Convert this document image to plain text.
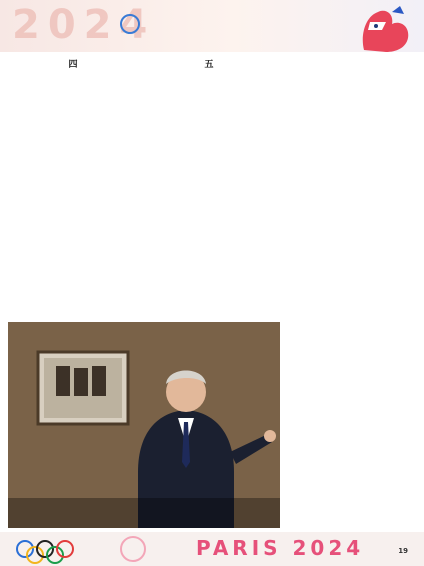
2024
四	五
PARIS 2024	19
